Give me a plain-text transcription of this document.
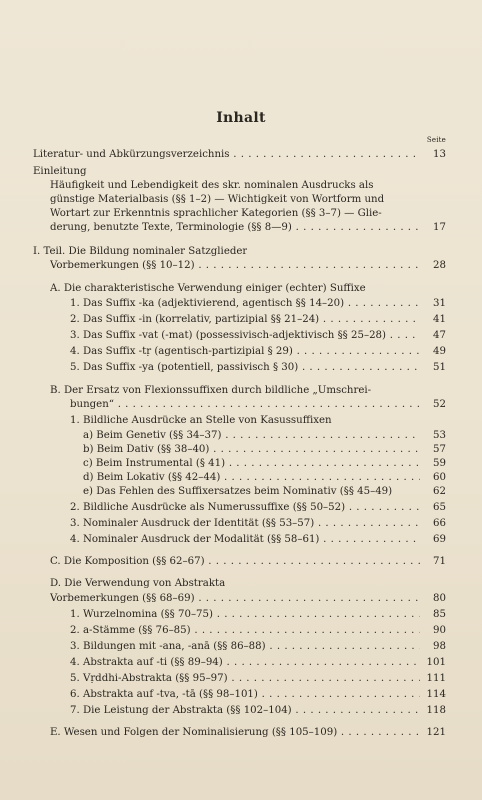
Inhalt
Seite
Literatur- und Abkürzungsverzeichnis . . .	13
Einleitung
Häufigkeit und Lebendigkeit des skr. nominalen Ausdrucks als
günstige Materialbasis (§§ 1–2) — Wichtigkeit von Wortform und
Wortart zur Erkenntnis sprachlicher Kategorien (§§ 3–7) — Glie-
derung, benutzte Texte, Terminologie (§§ 8—9) . . .	17
I. Teil. Die Bildung nominaler Satzglieder
Vorbemerkungen (§§ 10–12) . . .	28
A. Die charakteristische Verwendung einiger (echter) Suffixe
1. Das Suffix -ka (adjektivierend, agentisch §§ 14–20) . . .	31
2. Das Suffix -in (korrelativ, partizipial §§ 21–24) . . .	41
3. Das Suffix -vat (-mat) (possessivisch-adjektivisch §§ 25–28) . . .	47
4. Das Suffix -tṛ (agentisch-partizipial § 29) . . .	49
5. Das Suffix -ya (potentiell, passivisch § 30) . . .	51
B. Der Ersatz von Flexionssuffixen durch bildliche „Umschrei-
bungen“ . . .	52
1. Bildliche Ausdrücke an Stelle von Kasussuffixen
a) Beim Genetiv (§§ 34–37) . . .	53
b) Beim Dativ (§§ 38–40) . . .	57
c) Beim Instrumental (§ 41) . . .	59
d) Beim Lokativ (§§ 42–44) . . .	60
e) Das Fehlen des Suffixersatzes beim Nominativ (§§ 45–49)	62
2. Bildliche Ausdrücke als Numerussuffixe (§§ 50–52) . . .	65
3. Nominaler Ausdruck der Identität (§§ 53–57) . . .	66
4. Nominaler Ausdruck der Modalität (§§ 58–61) . . .	69
C. Die Komposition (§§ 62–67) . . .	71
D. Die Verwendung von Abstrakta
Vorbemerkungen (§§ 68–69) . . .	80
1. Wurzelnomina (§§ 70–75) . . .	85
2. a-Stämme (§§ 76–85) . . .	90
3. Bildungen mit -ana, -anā (§§ 86–88) . . .	98
4. Abstrakta auf -ti (§§ 89–94) . . .	101
5. Vṛddhi-Abstrakta (§§ 95–97) . . .	111
6. Abstrakta auf -tva, -tā (§§ 98–101) . . .	114
7. Die Leistung der Abstrakta (§§ 102–104) . . .	118
E. Wesen und Folgen der Nominalisierung (§§ 105–109) . . .	121
